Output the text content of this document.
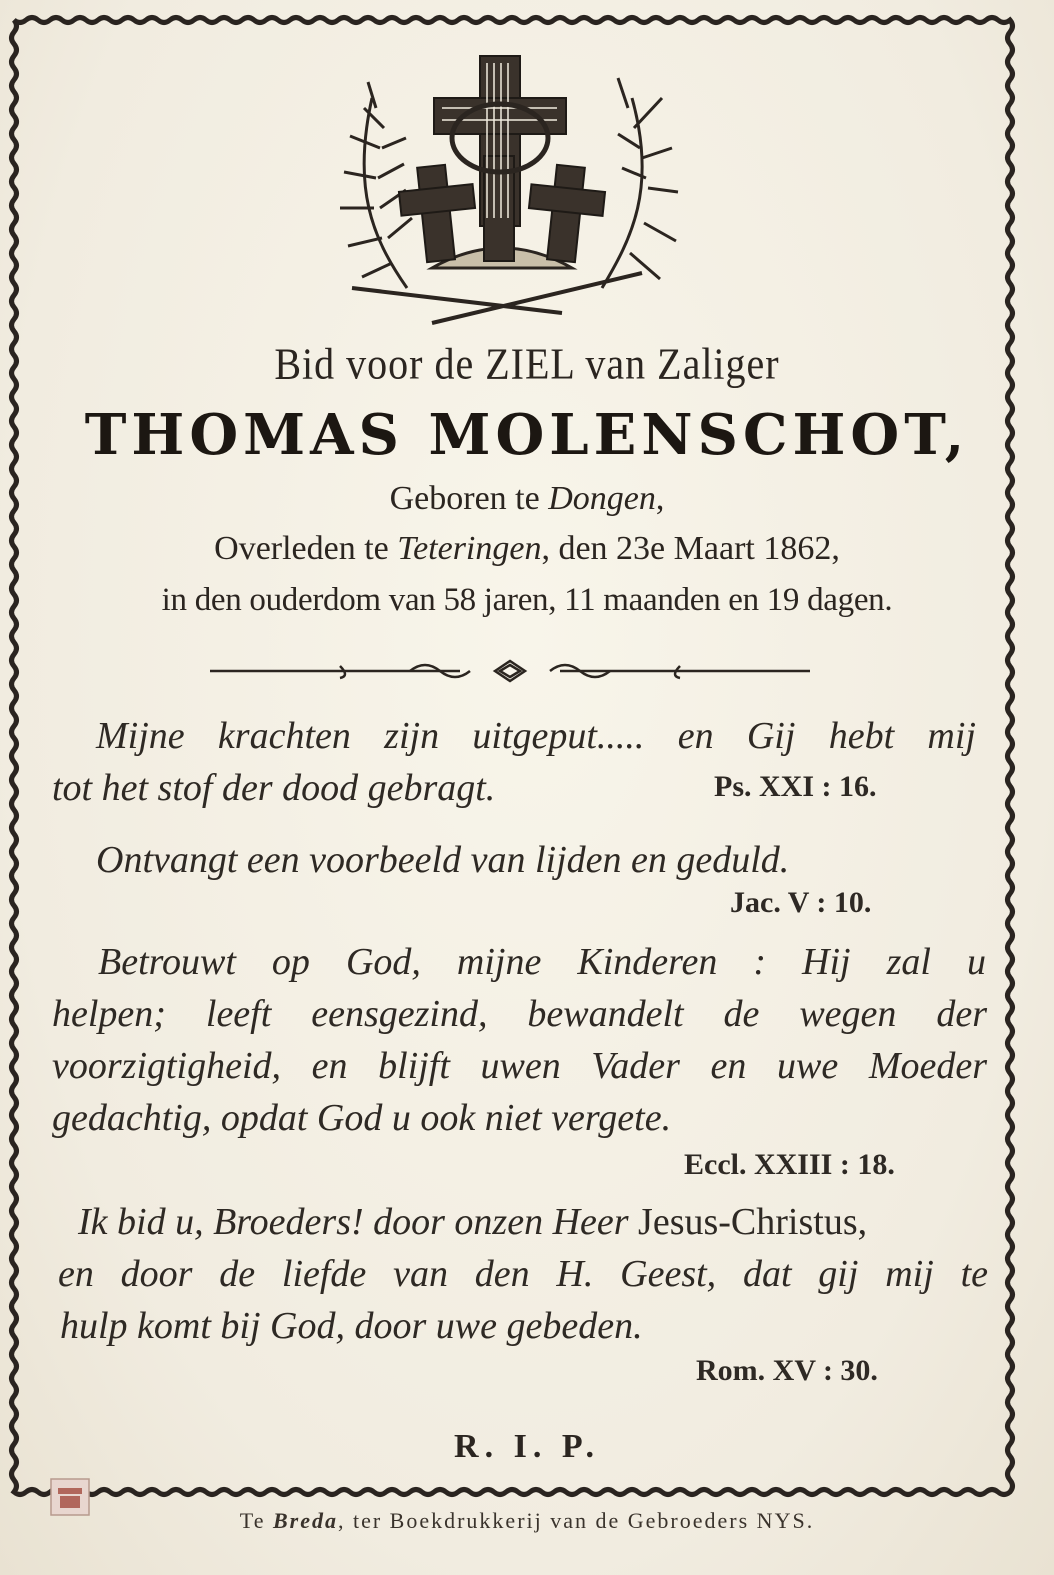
Bid voor de ZIEL van Zaliger
THOMAS MOLENSCHOT,
Geboren te Dongen,
Overleden te Teteringen, den 23e Maart 1862,
in den ouderdom van 58 jaren, 11 maanden en 19 dagen.
Mijne krachten zijn uitgeput..... en Gij hebt mij
tot het stof der dood gebragt.	Ps. XXI : 16.
Ontvangt een voorbeeld van lijden en geduld.
Jac. V : 10.
Betrouwt op God, mijne Kinderen : Hij zal u
helpen; leeft eensgezind, bewandelt de wegen der
voorzigtigheid, en blijft uwen Vader en uwe Moeder
gedachtig, opdat God u ook niet vergete.
Eccl. XXIII : 18.
Ik bid u, Broeders! door onzen Heer Jesus-Christus,
en door de liefde van den H. Geest, dat gij mij te
hulp komt bij God, door uwe gebeden.
Rom. XV : 30.
R. I. P.
Te Breda, ter Boekdrukkerij van de Gebroeders NYS.
